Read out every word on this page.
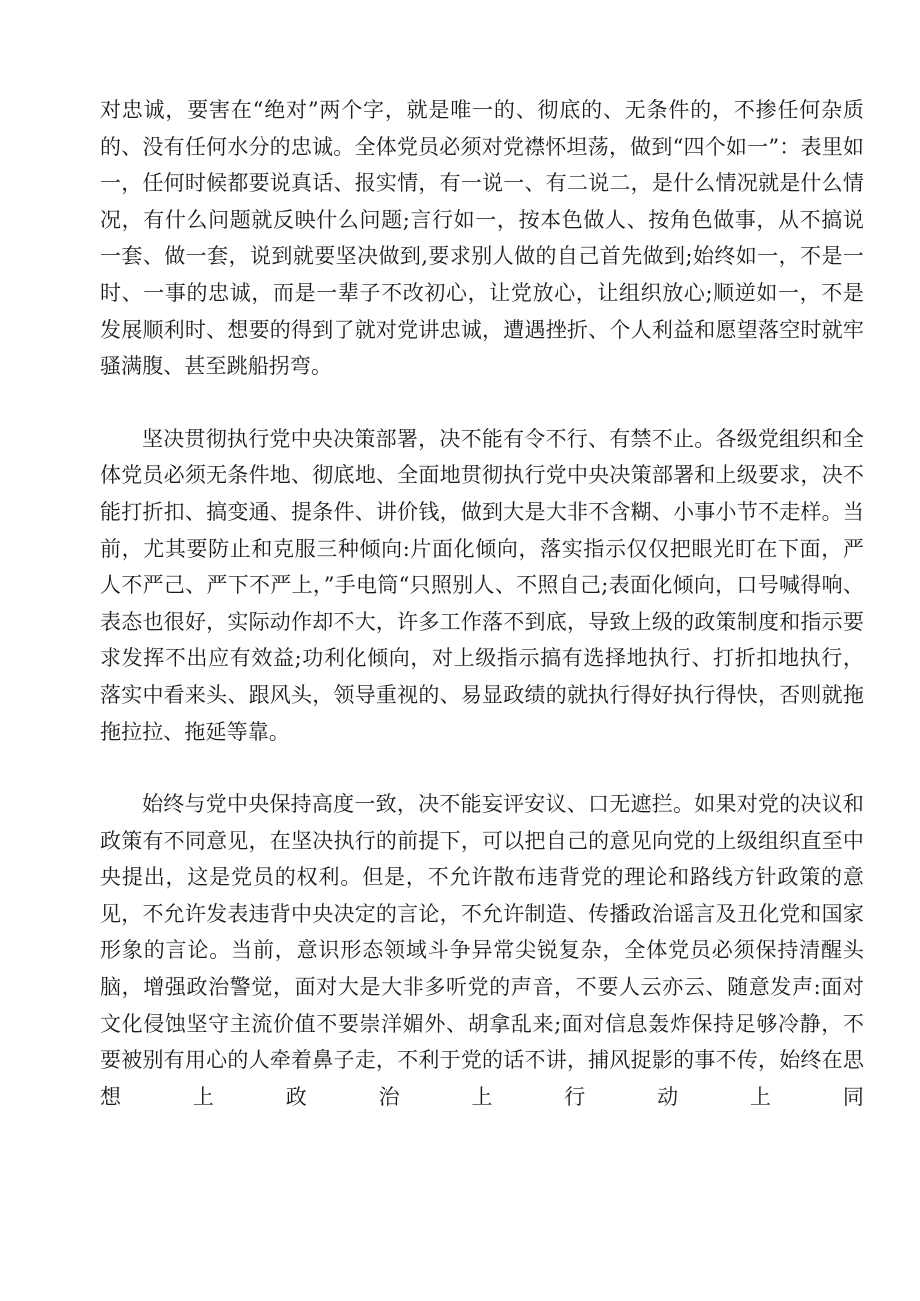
对忠诚，要害在“绝对”两个字，就是唯一的、彻底的、无条件的，不掺任何杂质的、没有任何水分的忠诚。全体党员必须对党襟怀坦荡，做到“四个如一”：表里如一，任何时候都要说真话、报实情，有一说一、有二说二，是什么情况就是什么情况，有什么问题就反映什么问题;言行如一，按本色做人、按角色做事，从不搞说一套、做一套，说到就要坚决做到,要求别人做的自己首先做到;始终如一，不是一时、一事的忠诚，而是一辈子不改初心，让党放心，让组织放心;顺逆如一，不是发展顺利时、想要的得到了就对党讲忠诚，遭遇挫折、个人利益和愿望落空时就牢骚满腹、甚至跳船拐弯。

坚决贯彻执行党中央决策部署，决不能有令不行、有禁不止。各级党组织和全体党员必须无条件地、彻底地、全面地贯彻执行党中央决策部署和上级要求，决不能打折扣、搞变通、提条件、讲价钱，做到大是大非不含糊、小事小节不走样。当前，尤其要防止和克服三种倾向:片面化倾向，落实指示仅仅把眼光盯在下面，严人不严己、严下不严上，”手电筒“只照别人、不照自己;表面化倾向，口号喊得响、表态也很好，实际动作却不大，许多工作落不到底，导致上级的政策制度和指示要求发挥不出应有效益;功利化倾向，对上级指示搞有选择地执行、打折扣地执行，落实中看来头、跟风头，领导重视的、易显政绩的就执行得好执行得快，否则就拖拖拉拉、拖延等靠。

始终与党中央保持高度一致，决不能妄评安议、口无遮拦。如果对党的决议和政策有不同意见，在坚决执行的前提下，可以把自己的意见向党的上级组织直至中央提出，这是党员的权利。但是，不允许散布违背党的理论和路线方针政策的意见，不允许发表违背中央决定的言论，不允许制造、传播政治谣言及丑化党和国家形象的言论。当前，意识形态领域斗争异常尖锐复杂，全体党员必须保持清醒头脑，增强政治警觉，面对大是大非多听党的声音，不要人云亦云、随意发声:面对文化侵蚀坚守主流价值不要崇洋媚外、胡拿乱来;面对信息轰炸保持足够冷静，不要被别有用心的人牵着鼻子走，不利于党的话不讲，捕风捉影的事不传，始终在思想上政治上行动上同
